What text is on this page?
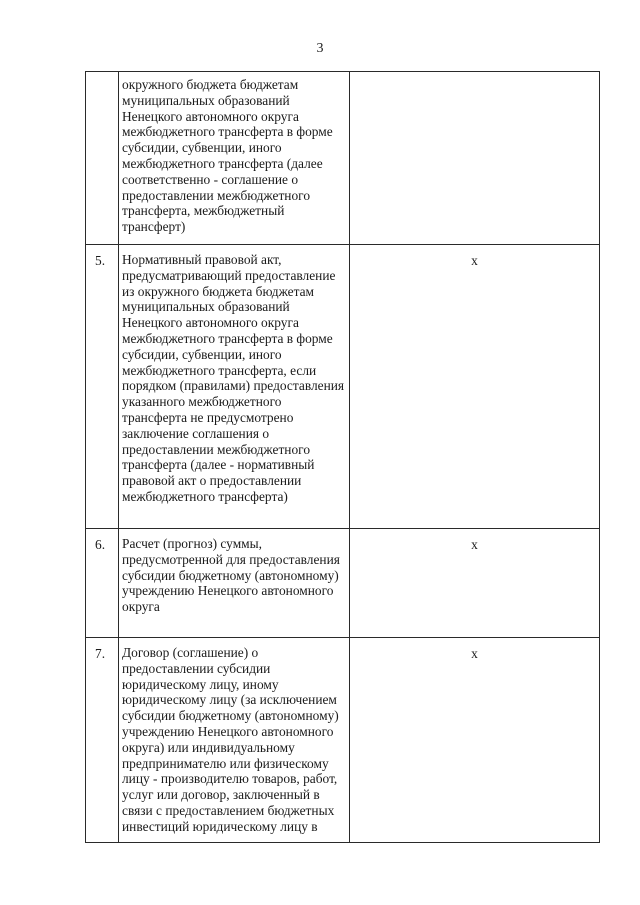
3

	окружного бюджета бюджетам муниципальных образований Ненецкого автономного округа межбюджетного трансферта в форме субсидии, субвенции, иного межбюджетного трансферта (далее соответственно - соглашение о предоставлении межбюджетного трансферта, межбюджетный трансферт)	

5.	Нормативный правовой акт, предусматривающий предоставление из окружного бюджета бюджетам муниципальных образований Ненецкого автономного округа межбюджетного трансферта в форме субсидии, субвенции, иного межбюджетного трансферта, если порядком (правилами) предоставления указанного межбюджетного трансферта не предусмотрено заключение соглашения о предоставлении межбюджетного трансферта (далее - нормативный правовой акт о предоставлении межбюджетного трансферта)	x

6.	Расчет (прогноз) суммы, предусмотренной для предоставления субсидии бюджетному (автономному) учреждению Ненецкого автономного округа	x

7.	Договор (соглашение) о предоставлении субсидии юридическому лицу, иному юридическому лицу (за исключением субсидии бюджетному (автономному) учреждению Ненецкого автономного округа) или индивидуальному предпринимателю или физическому лицу - производителю товаров, работ, услуг или договор, заключенный в связи с предоставлением бюджетных инвестиций юридическому лицу в	x
